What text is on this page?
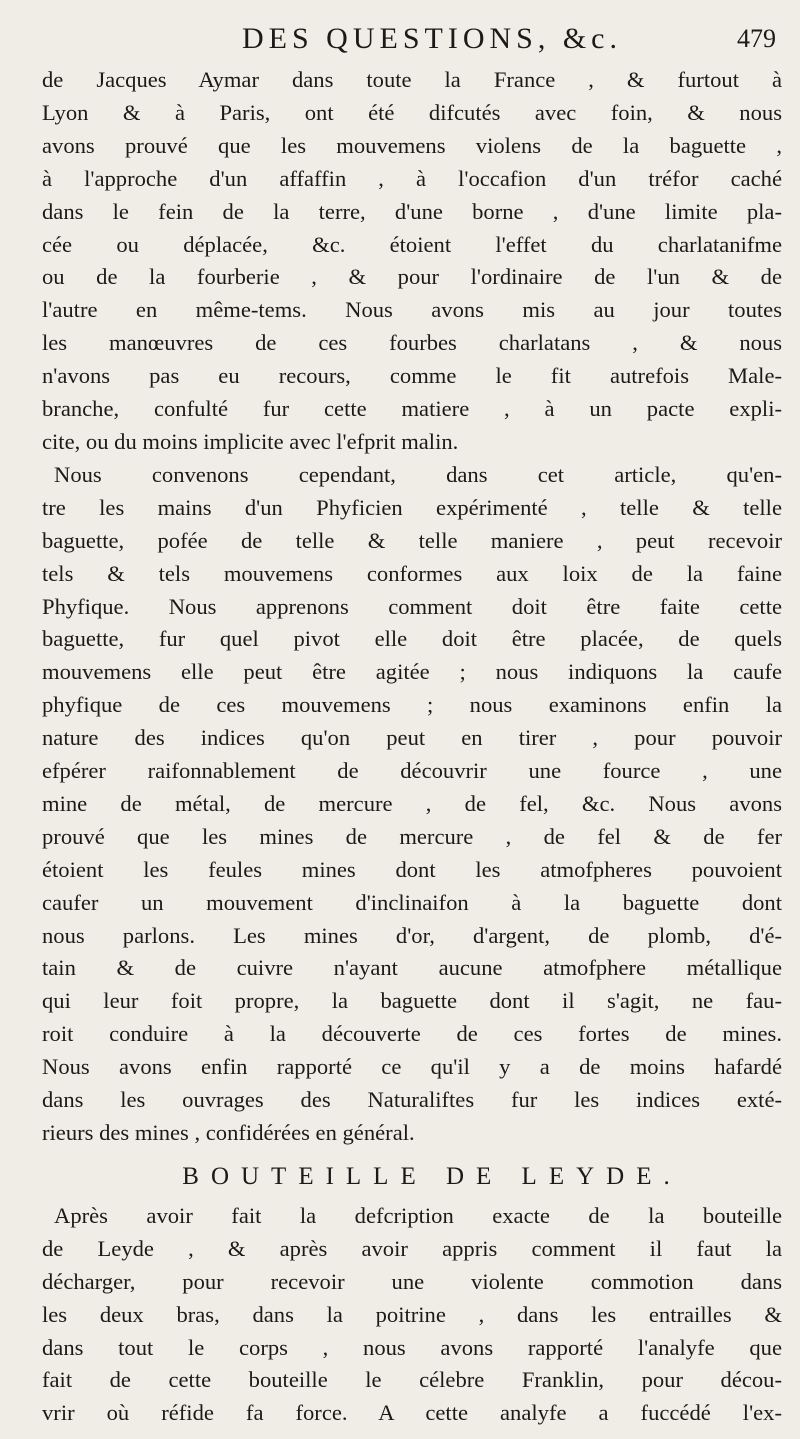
DES QUESTIONS, &c.	479

de Jacques Aymar dans toute la France , & furtout à

Lyon & à Paris, ont été difcutés avec foin, & nous

avons prouvé que les mouvemens violens de la baguette ,

à l'approche d'un affaffin , à l'occafion d'un tréfor caché

dans le fein de la terre, d'une borne , d'une limite pla-

cée ou déplacée, &c. étoient l'effet du charlatanifme

ou de la fourberie , & pour l'ordinaire de l'un & de

l'autre en même-tems. Nous avons mis au jour toutes

les manœuvres de ces fourbes charlatans , & nous

n'avons pas eu recours, comme le fit autrefois Male-

branche, confulté fur cette matiere , à un pacte expli-

cite, ou du moins implicite avec l'efprit malin.

Nous convenons cependant, dans cet article, qu'en-

tre les mains d'un Phyficien expérimenté , telle & telle

baguette, pofée de telle & telle maniere , peut recevoir

tels & tels mouvemens conformes aux loix de la faine

Phyfique. Nous apprenons comment doit être faite cette

baguette, fur quel pivot elle doit être placée, de quels

mouvemens elle peut être agitée ; nous indiquons la caufe

phyfique de ces mouvemens ; nous examinons enfin la

nature des indices qu'on peut en tirer , pour pouvoir

efpérer raifonnablement de découvrir une fource , une

mine de métal, de mercure , de fel, &c. Nous avons

prouvé que les mines de mercure , de fel & de fer

étoient les feules mines dont les atmofpheres pouvoient

caufer un mouvement d'inclinaifon à la baguette dont

nous parlons. Les mines d'or, d'argent, de plomb, d'é-

tain & de cuivre n'ayant aucune atmofphere métallique

qui leur foit propre, la baguette dont il s'agit, ne fau-

roit conduire à la découverte de ces fortes de mines.

Nous avons enfin rapporté ce qu'il y a de moins hafardé

dans les ouvrages des Naturaliftes fur les indices exté-

rieurs des mines , confidérées en général.

BOUTEILLE DE LEYDE.

Après avoir fait la defcription exacte de la bouteille

de Leyde , & après avoir appris comment il faut la

décharger, pour recevoir une violente commotion dans

les deux bras, dans la poitrine , dans les entrailles &

dans tout le corps , nous avons rapporté l'analyfe que

fait de cette bouteille le célebre Franklin, pour décou-

vrir où réfide fa force. A cette analyfe a fuccédé l'ex-
